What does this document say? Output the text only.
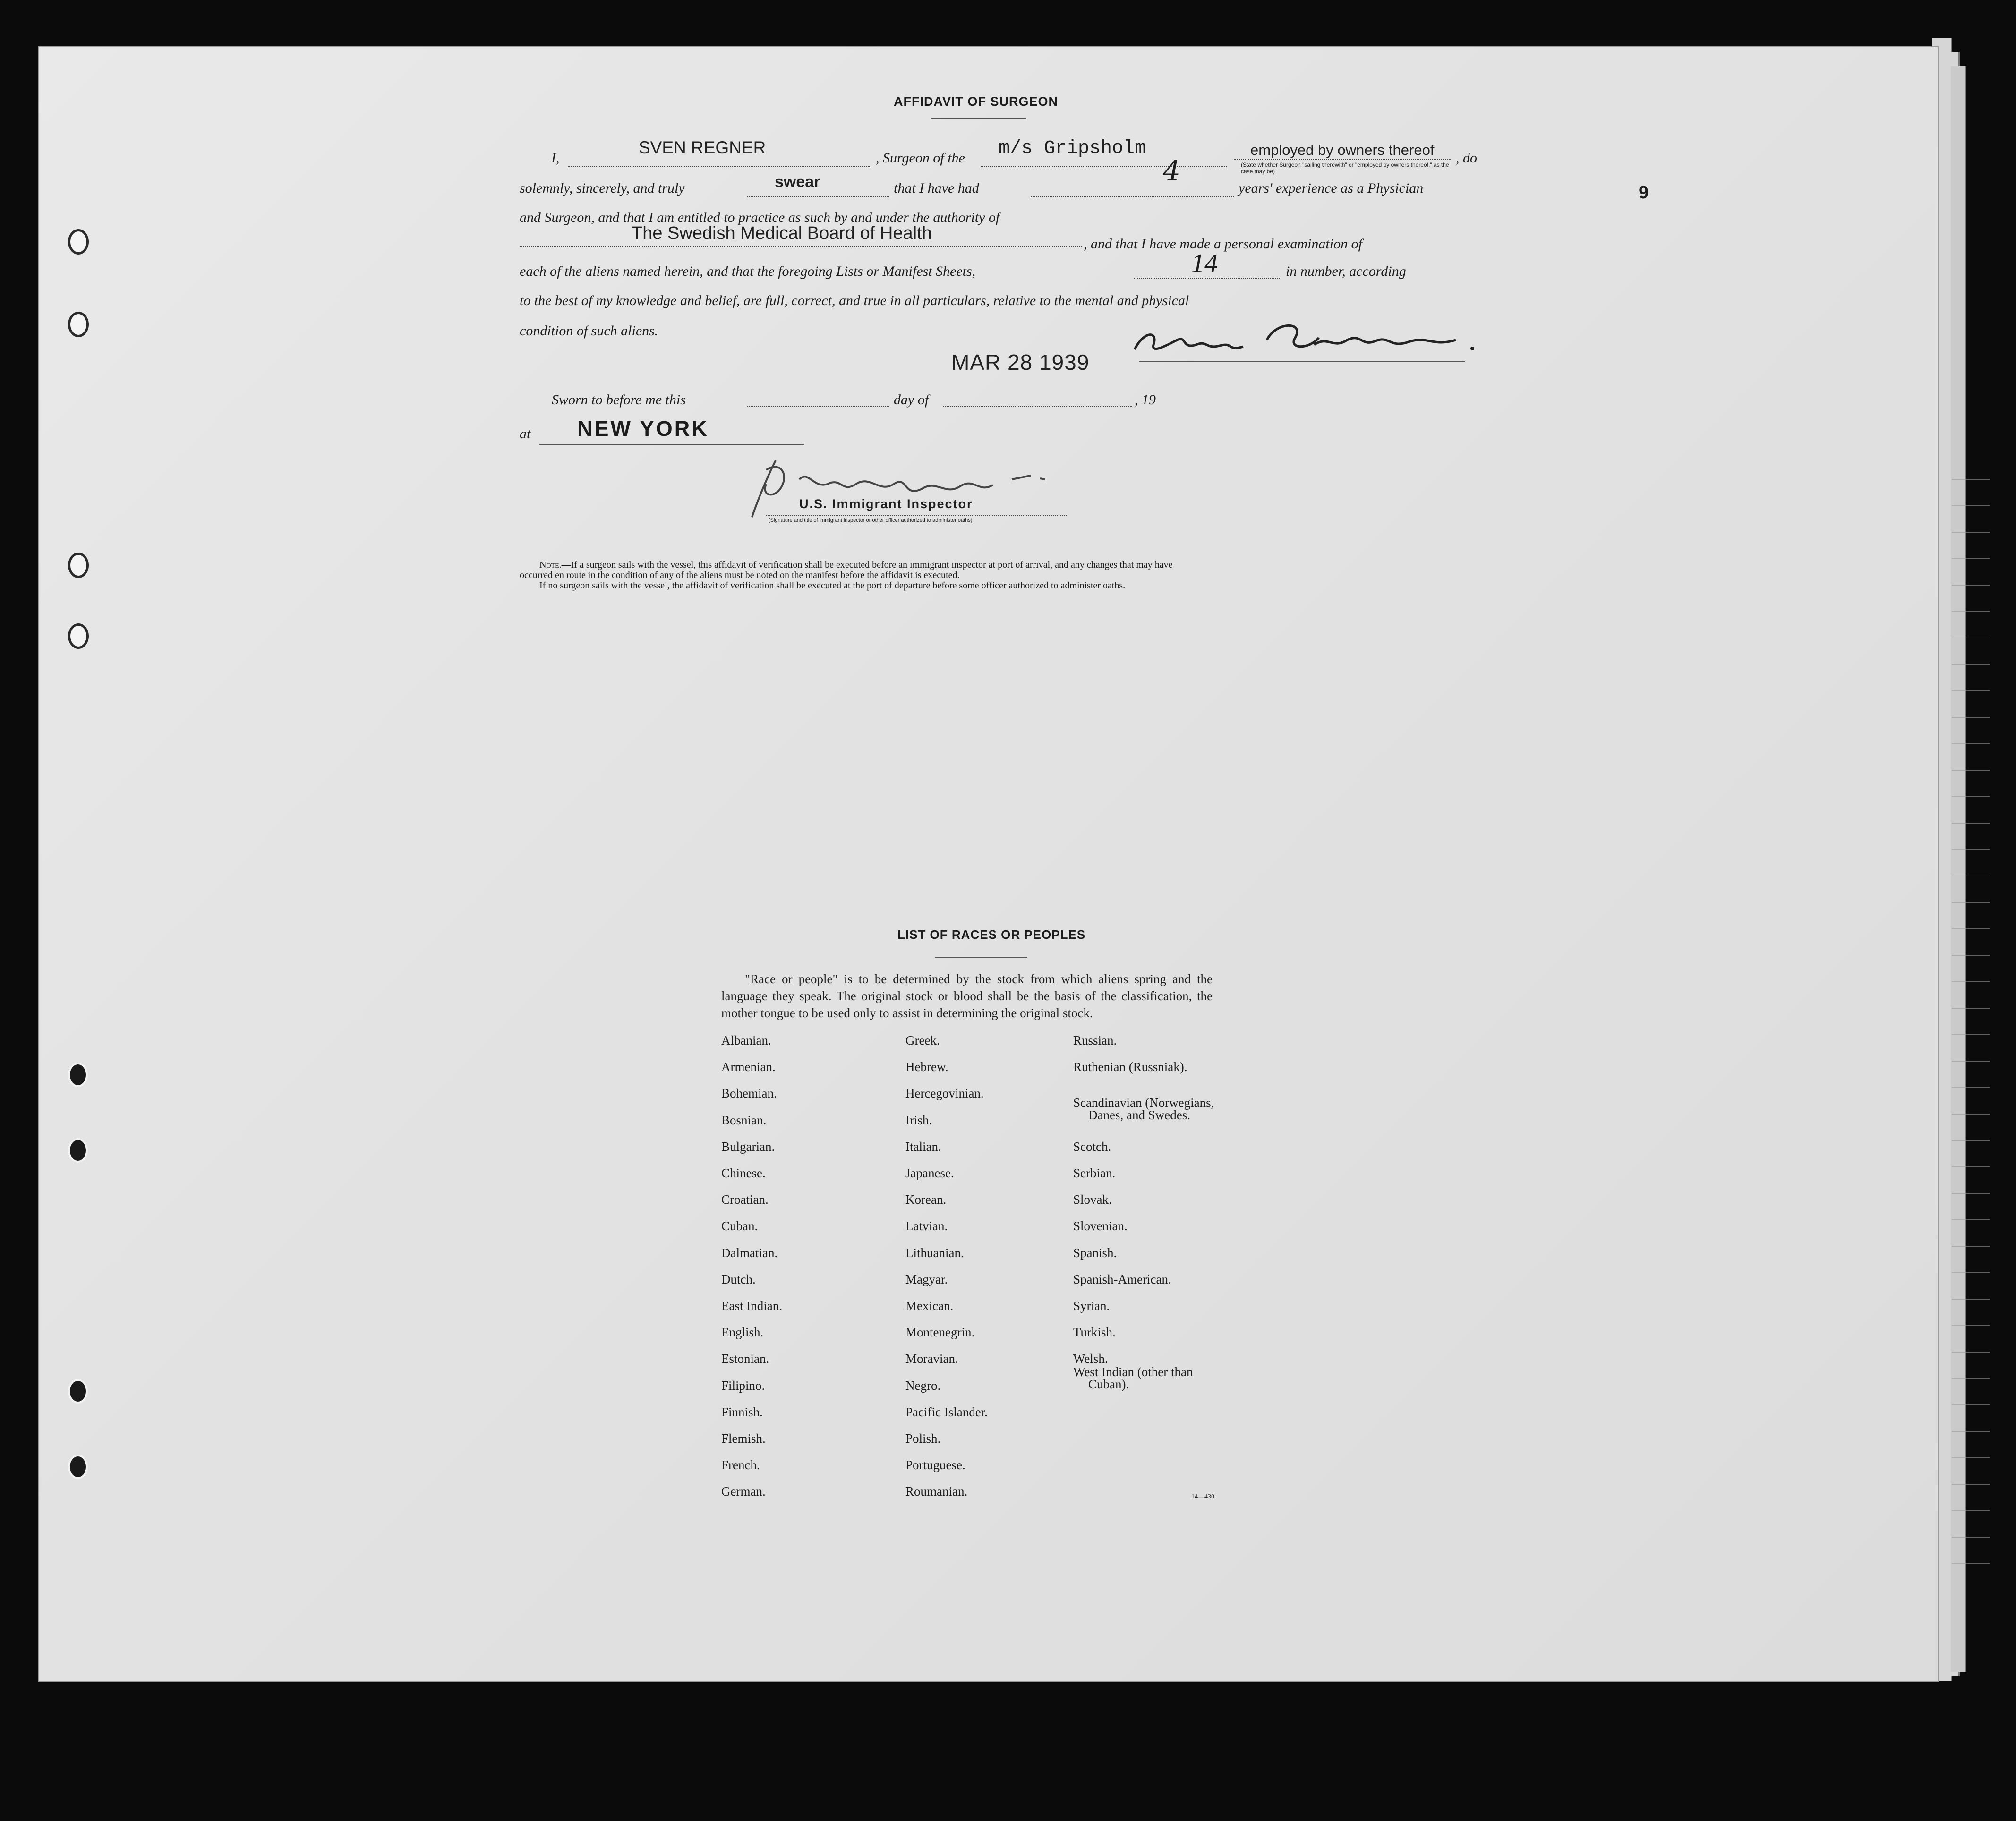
9
AFFIDAVIT OF SURGEON
I,
SVEN REGNER
, Surgeon of the m/s Gripsholm	employed by owners thereof
(State whether Surgeon "sailing therewith" or "employed by owners thereof," as the case may be)
, do
solemnly, sincerely, and truly	swear	that I have had
4
years' experience as a Physician
and Surgeon, and that I am entitled to practice as such by and under the authority of
The Swedish Medical Board of Health
, and that I have made a personal examination of
each of the aliens named herein, and that the foregoing Lists or Manifest Sheets,	14	in number, according
to the best of my knowledge and belief, are full, correct, and true in all particulars, relative to the mental and physical
condition of such aliens.
MAR 28 1939
Sworn to before me this	day of	, 19
at NEW YORK
U.S. Immigrant Inspector
(Signature and title of immigrant inspector or other officer authorized to administer oaths)
Note.—If a surgeon sails with the vessel, this affidavit of verification shall be executed before an immigrant inspector at port of arrival, and any changes that may have
occurred en route in the condition of any of the aliens must be noted on the manifest before the affidavit is executed.
If no surgeon sails with the vessel, the affidavit of verification shall be executed at the port of departure before some officer authorized to administer oaths.
LIST OF RACES OR PEOPLES
"Race or people" is to be determined by the stock from which aliens spring and the language they speak. The original stock or blood shall be the basis of the classification, the mother tongue to be used only to assist in determining the original stock.
Albanian.
Armenian.
Bohemian.
Bosnian.
Bulgarian.
Chinese.
Croatian.
Cuban.
Dalmatian.
Dutch.
East Indian.
English.
Estonian.
Filipino.
Finnish.
Flemish.
French.
German.
Greek.
Hebrew.
Hercegovinian.
Irish.
Italian.
Japanese.
Korean.
Latvian.
Lithuanian.
Magyar.
Mexican.
Montenegrin.
Moravian.
Negro.
Pacific Islander.
Polish.
Portuguese.
Roumanian.
Russian.
Ruthenian (Russniak).
Scotch.
Serbian.
Slovak.
Slovenian.
Spanish.
Spanish-American.
Syrian.
Turkish.
Welsh.
Scandinavian (Norwegians,
Danes, and Swedes.
West Indian (other than
Cuban).
14—430
